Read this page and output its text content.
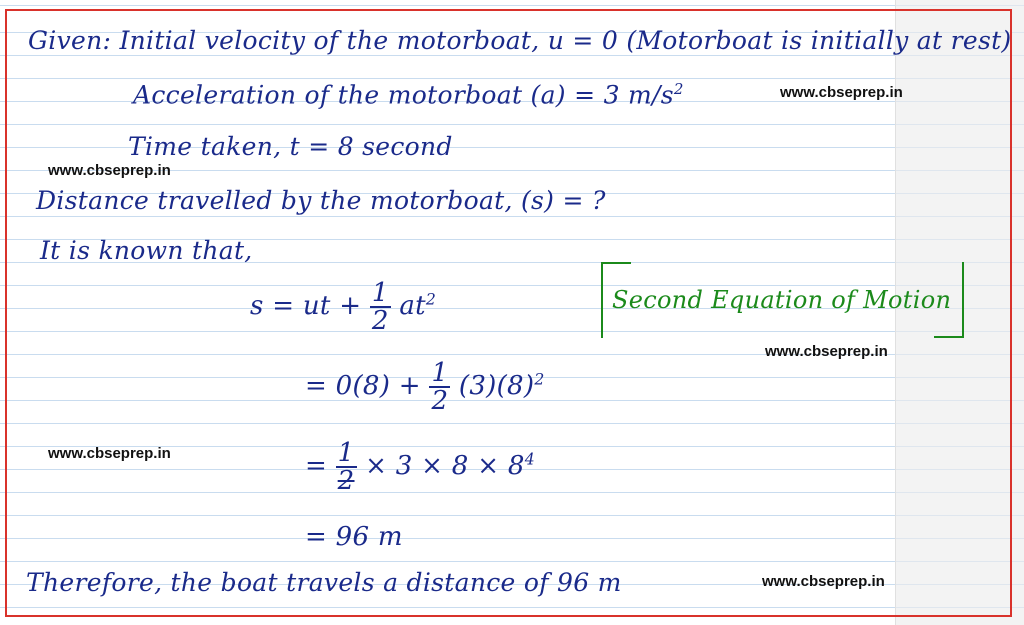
Given: Initial velocity of the motorboat, u = 0 (Motorboat is initially at rest)
Acceleration of the motorboat (a) = 3 $m/s^2$
Time taken, t = 8 second
Distance travelled by the motorboat, (s) = ?
It is known that,
s = ut + $\frac{1}{2} at^2$	Second Equation of Motion
= $0(8) + \frac{1}{2} (3)(8)^2$
= $\frac{1}{2} \times 3 \times 8 \times 8^4$
= 96 m
Therefore, the boat travels a distance of 96 m
www.cbseprep.in
www.cbseprep.in
www.cbseprep.in
www.cbseprep.in
www.cbseprep.in
